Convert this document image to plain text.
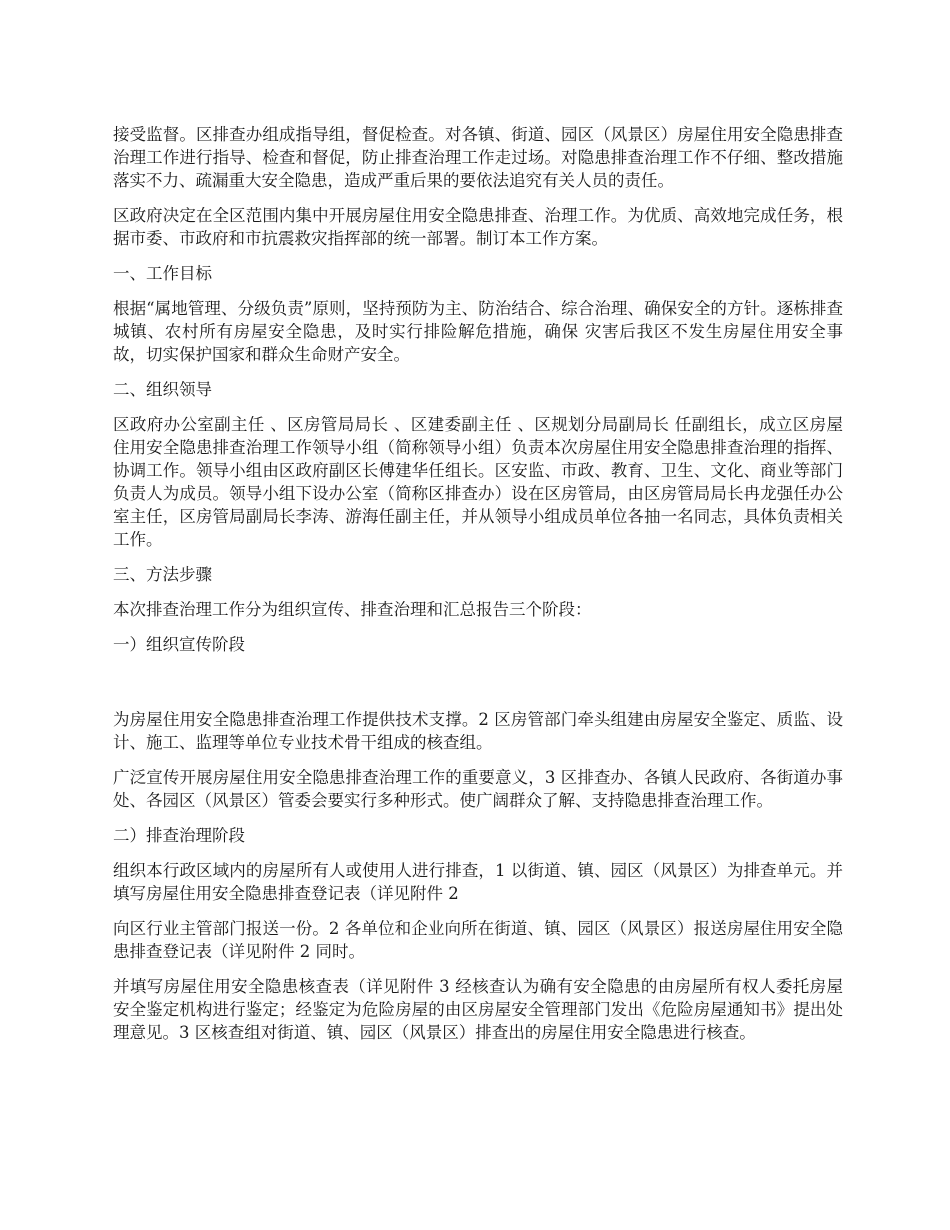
接受监督。区排查办组成指导组，督促检查。对各镇、街道、园区（风景区）房屋住用安全隐患排查治理工作进行指导、检查和督促，防止排查治理工作走过场。对隐患排查治理工作不仔细、整改措施落实不力、疏漏重大安全隐患，造成严重后果的要依法追究有关人员的责任。

区政府决定在全区范围内集中开展房屋住用安全隐患排查、治理工作。为优质、高效地完成任务，根据市委、市政府和市抗震救灾指挥部的统一部署。制订本工作方案。

一、工作目标

根据“属地管理、分级负责”原则，坚持预防为主、防治结合、综合治理、确保安全的方针。逐栋排查城镇、农村所有房屋安全隐患，及时实行排险解危措施，确保 灾害后我区不发生房屋住用安全事故，切实保护国家和群众生命财产安全。

二、组织领导

区政府办公室副主任 、区房管局局长 、区建委副主任 、区规划分局副局长 任副组长，成立区房屋住用安全隐患排查治理工作领导小组（简称领导小组）负责本次房屋住用安全隐患排查治理的指挥、协调工作。领导小组由区政府副区长傅建华任组长。区安监、市政、教育、卫生、文化、商业等部门负责人为成员。领导小组下设办公室（简称区排查办）设在区房管局，由区房管局局长冉龙强任办公室主任，区房管局副局长李涛、游海任副主任，并从领导小组成员单位各抽一名同志，具体负责相关工作。

三、方法步骤

本次排查治理工作分为组织宣传、排查治理和汇总报告三个阶段：

一）组织宣传阶段

为房屋住用安全隐患排查治理工作提供技术支撑。2 区房管部门牵头组建由房屋安全鉴定、质监、设计、施工、监理等单位专业技术骨干组成的核查组。

广泛宣传开展房屋住用安全隐患排查治理工作的重要意义，3 区排查办、各镇人民政府、各街道办事处、各园区（风景区）管委会要实行多种形式。使广阔群众了解、支持隐患排查治理工作。

二）排查治理阶段

组织本行政区域内的房屋所有人或使用人进行排查，1 以街道、镇、园区（风景区）为排查单元。并填写房屋住用安全隐患排查登记表（详见附件 2

向区行业主管部门报送一份。2 各单位和企业向所在街道、镇、园区（风景区）报送房屋住用安全隐患排查登记表（详见附件 2 同时。

并填写房屋住用安全隐患核查表（详见附件 3 经核查认为确有安全隐患的由房屋所有权人委托房屋安全鉴定机构进行鉴定；经鉴定为危险房屋的由区房屋安全管理部门发出《危险房屋通知书》提出处理意见。3 区核查组对街道、镇、园区（风景区）排查出的房屋住用安全隐患进行核查。
